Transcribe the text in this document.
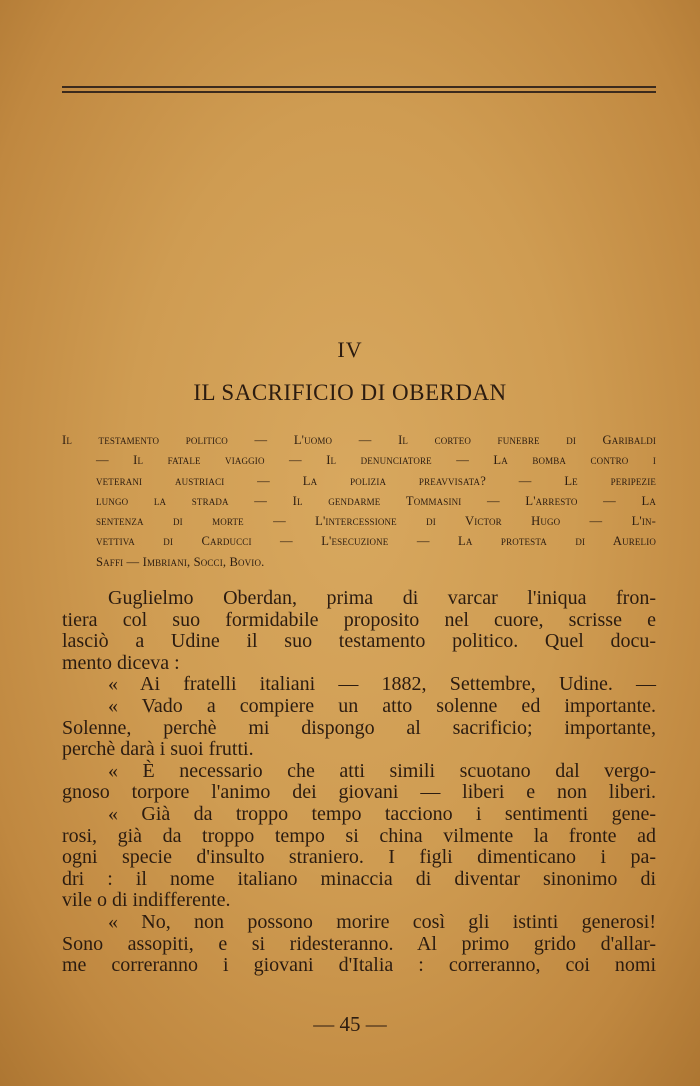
IV
IL SACRIFICIO DI OBERDAN
Il testamento politico — L'uomo — Il corteo funebre di Garibaldi
— Il fatale viaggio — Il denunciatore — La bomba contro i
veterani austriaci — La polizia preavvisata? — Le peripezie
lungo la strada — Il gendarme Tommasini — L'arresto — La
sentenza di morte — L'intercessione di Victor Hugo — L'in-
vettiva di Carducci — L'esecuzione — La protesta di Aurelio
Saffi — Imbriani, Socci, Bovio.
Guglielmo Oberdan, prima di varcar l'iniqua fron-
tiera col suo formidabile proposito nel cuore, scrisse e
lasciò a Udine il suo testamento politico. Quel docu-
mento diceva :
« Ai fratelli italiani — 1882, Settembre, Udine. —
« Vado a compiere un atto solenne ed importante.
Solenne, perchè mi dispongo al sacrificio; importante,
perchè darà i suoi frutti.
« È necessario che atti simili scuotano dal vergo-
gnoso torpore l'animo dei giovani — liberi e non liberi.
« Già da troppo tempo tacciono i sentimenti gene-
rosi, già da troppo tempo si china vilmente la fronte ad
ogni specie d'insulto straniero. I figli dimenticano i pa-
dri : il nome italiano minaccia di diventar sinonimo di
vile o di indifferente.
« No, non possono morire così gli istinti generosi!
Sono assopiti, e si ridesteranno. Al primo grido d'allar-
me correranno i giovani d'Italia : correranno, coi nomi
— 45 —
